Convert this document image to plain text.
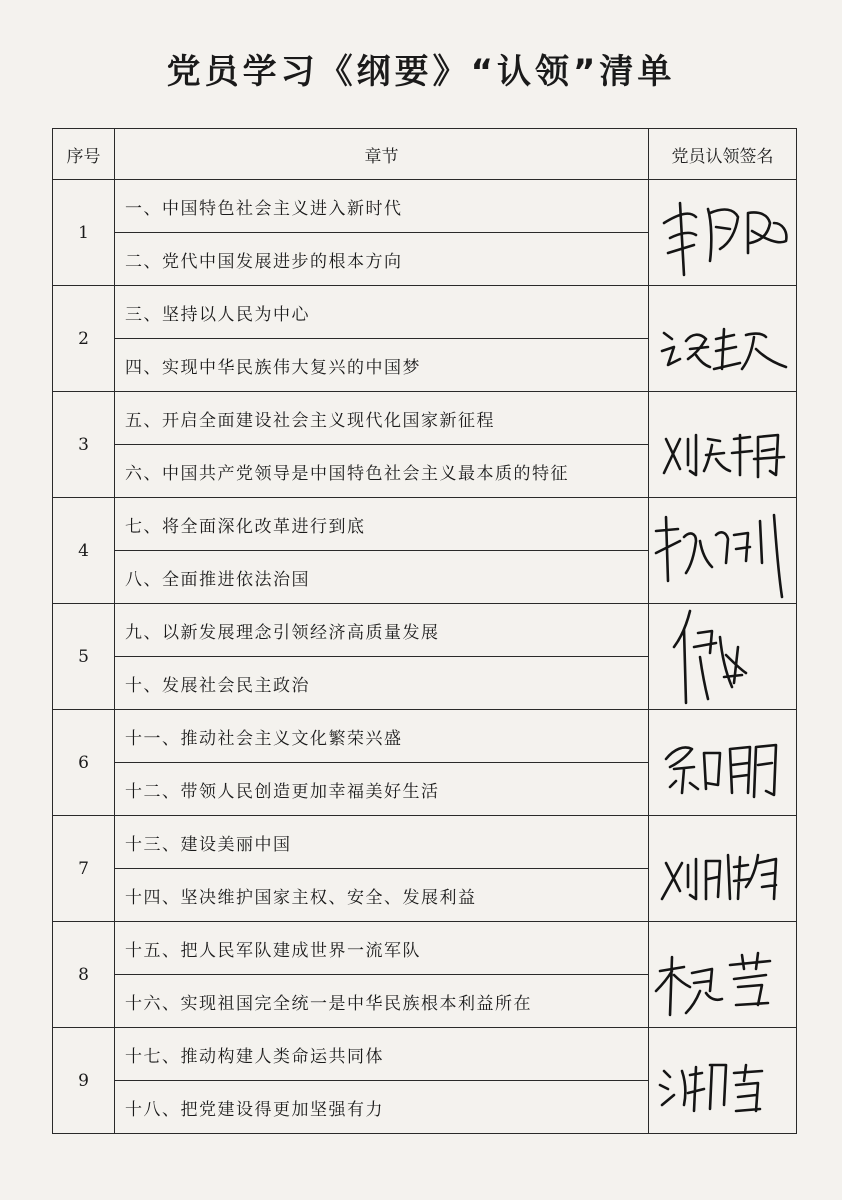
党员学习《纲要》“认领”清单
序号	章节	党员认领签名
1	一、中国特色社会主义进入新时代	

	二、党代中国发展进步的根本方向	
2	三、坚持以人民为中心	

	四、实现中华民族伟大复兴的中国梦	
3	五、开启全面建设社会主义现代化国家新征程	

	六、中国共产党领导是中国特色社会主义最本质的特征	
4	七、将全面深化改革进行到底	

	八、全面推进依法治国	
5	九、以新发展理念引领经济高质量发展	

	十、发展社会民主政治	
6	十一、推动社会主义文化繁荣兴盛	

	十二、带领人民创造更加幸福美好生活	
7	十三、建设美丽中国	

	十四、坚决维护国家主权、安全、发展利益	
8	十五、把人民军队建成世界一流军队	

	十六、实现祖国完全统一是中华民族根本利益所在	
9	十七、推动构建人类命运共同体	

	十八、把党建设得更加坚强有力	
